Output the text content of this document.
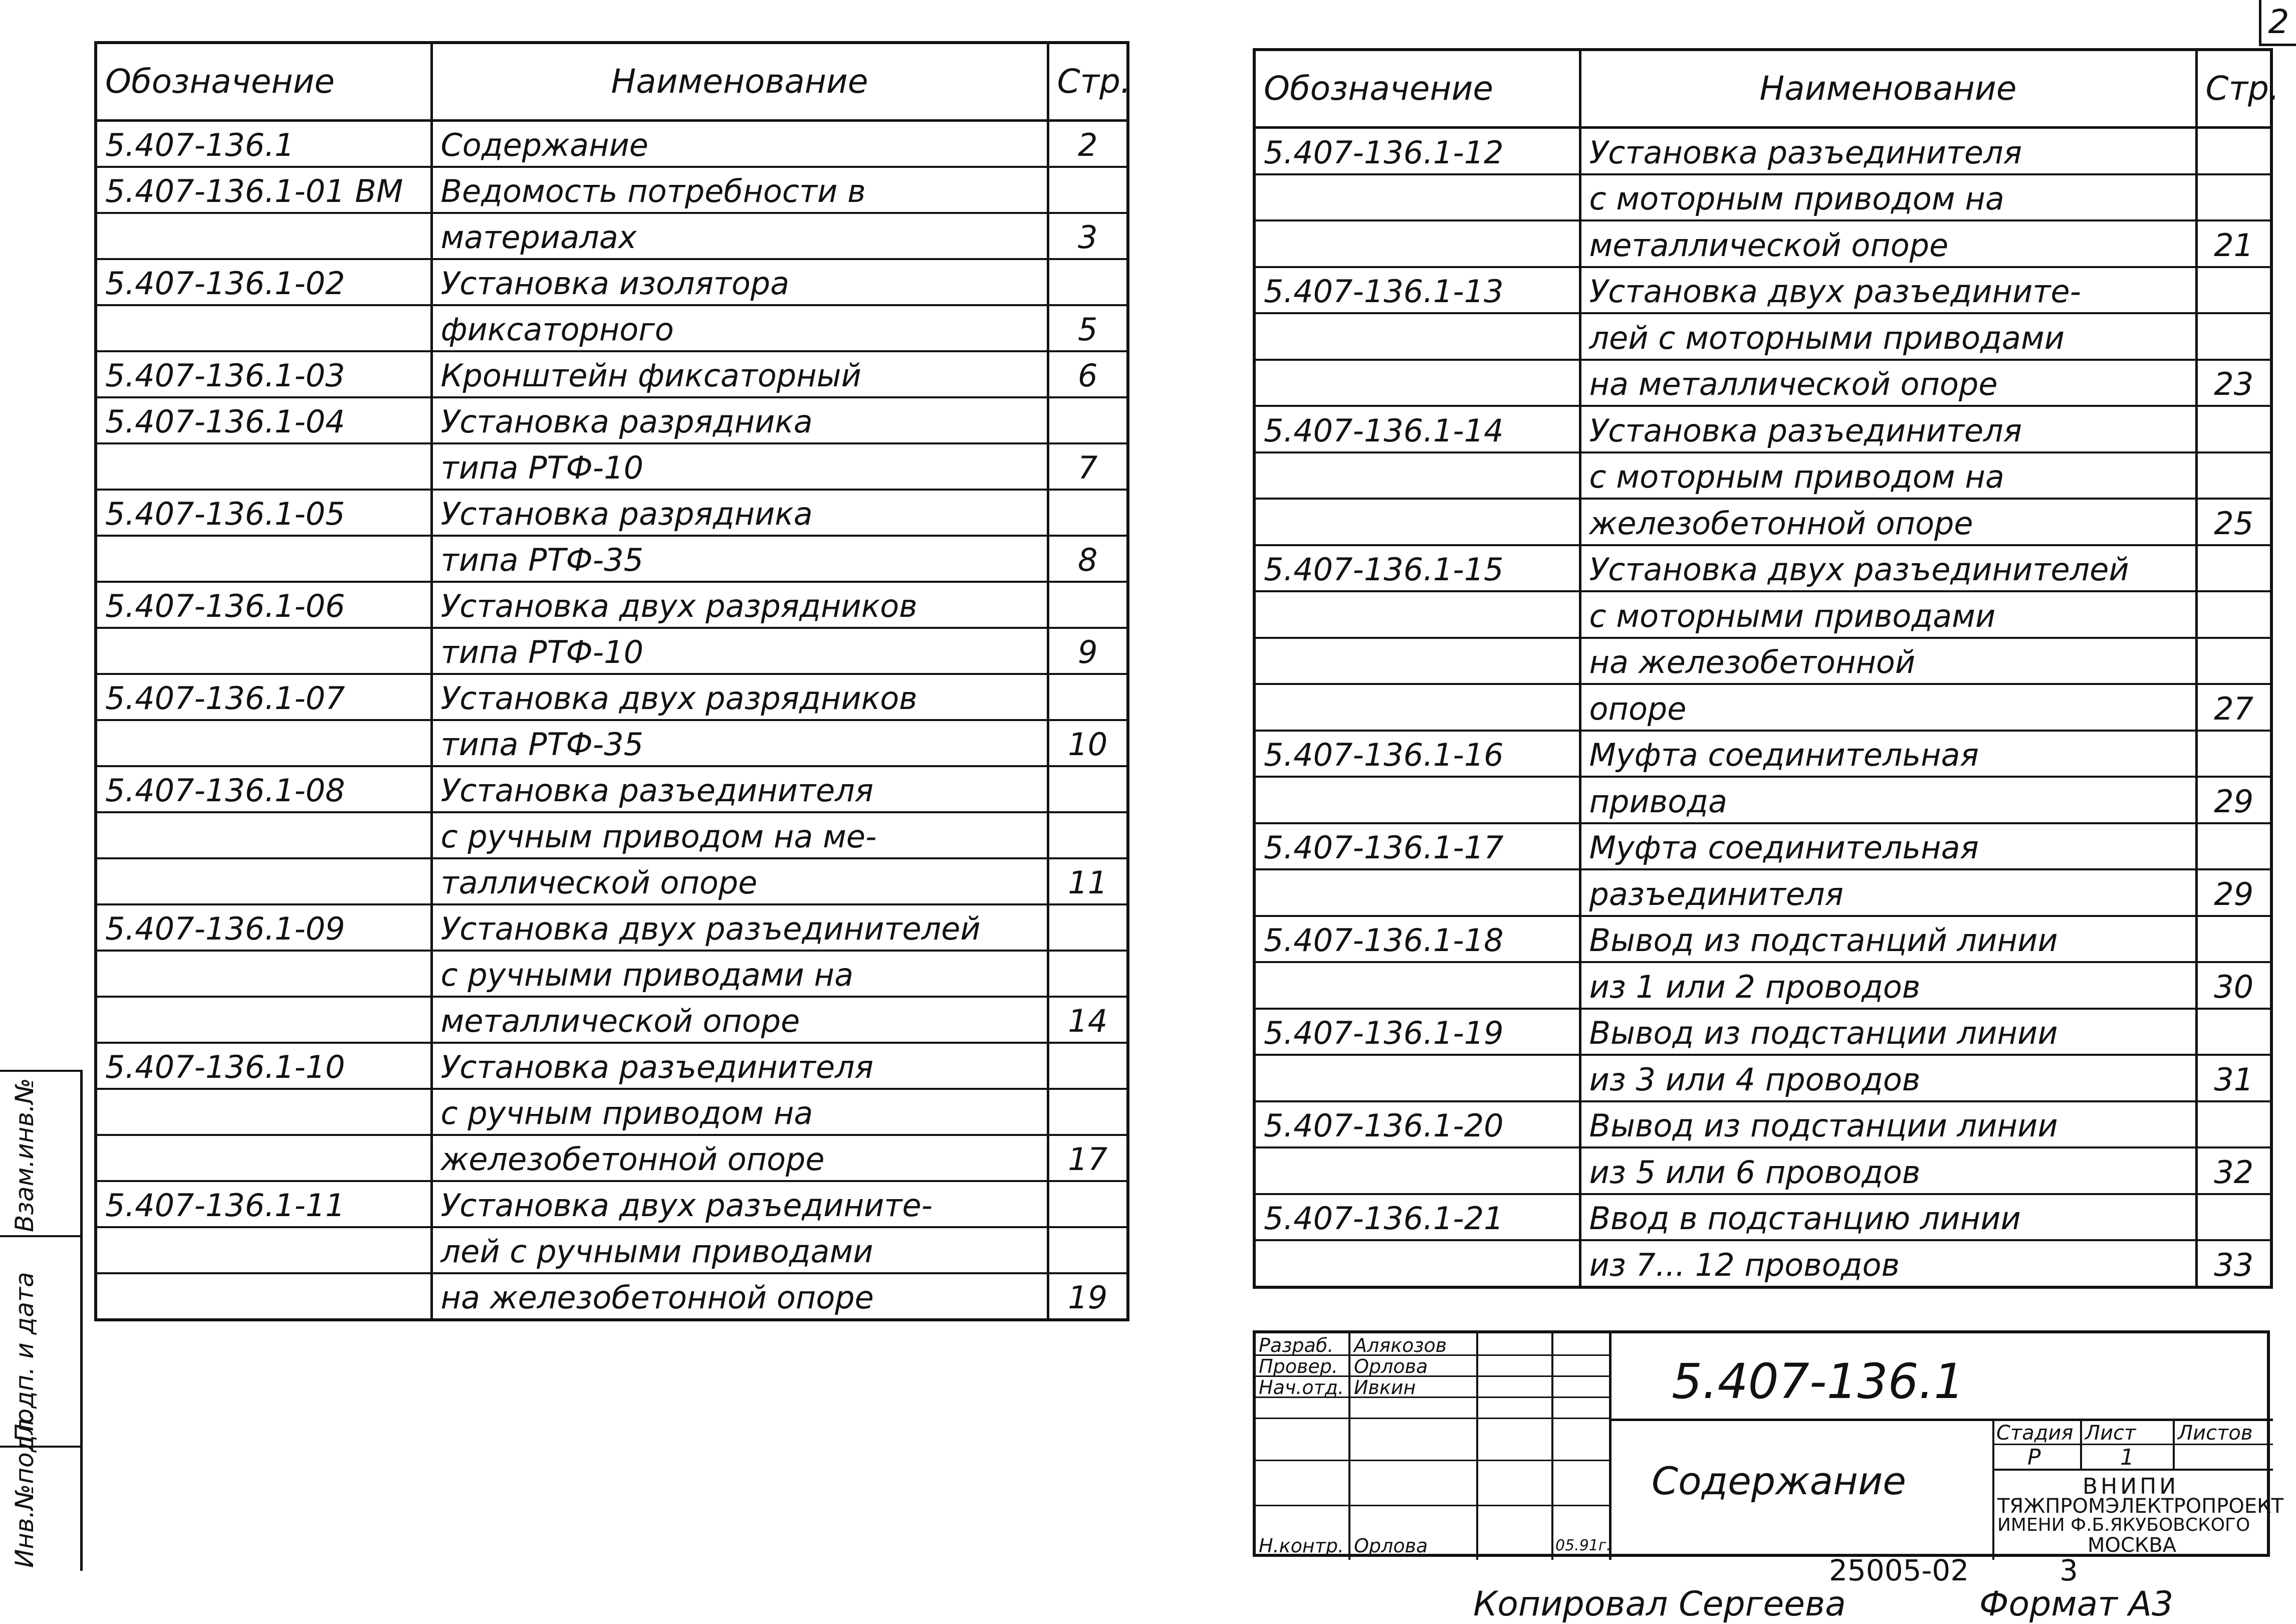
2
Обозначение	Наименование	Стр.
5.407-136.1	Содержание	2
5.407-136.1-01 ВМ	Ведомость потребности в	
	материалах	3
5.407-136.1-02	Установка изолятора	
	фиксаторного	5
5.407-136.1-03	Кронштейн фиксаторный	6
5.407-136.1-04	Установка разрядника	
	типа РТФ-10	7
5.407-136.1-05	Установка разрядника	
	типа РТФ-35	8
5.407-136.1-06	Установка двух разрядников	
	типа РТФ-10	9
5.407-136.1-07	Установка двух разрядников	
	типа РТФ-35	10
5.407-136.1-08	Установка разъединителя	
	с ручным приводом на ме-	
	таллической опоре	11
5.407-136.1-09	Установка двух разъединителей	
	с ручными приводами на	
	металлической опоре	14
5.407-136.1-10	Установка разъединителя	
	с ручным приводом на	
	железобетонной опоре	17
5.407-136.1-11	Установка двух разъедините-	
	лей с ручными приводами	
	на железобетонной опоре	19
Обозначение	Наименование	Стр.
5.407-136.1-12	Установка разъединителя	
	с моторным приводом на	
	металлической опоре	21
5.407-136.1-13	Установка двух разъедините-	
	лей с моторными приводами	
	на металлической опоре	23
5.407-136.1-14	Установка разъединителя	
	с моторным приводом на	
	железобетонной опоре	25
5.407-136.1-15	Установка двух разъединителей	
	с моторными приводами	
	на железобетонной	
	опоре	27
5.407-136.1-16	Муфта соединительная	
	привода	29
5.407-136.1-17	Муфта соединительная	
	разъединителя	29
5.407-136.1-18	Вывод из подстанций линии	
	из 1 или 2 проводов	30
5.407-136.1-19	Вывод из подстанции линии	
	из 3 или 4 проводов	31
5.407-136.1-20	Вывод из подстанции линии	
	из 5 или 6 проводов	32
5.407-136.1-21	Ввод в подстанцию линии	
	из 7... 12 проводов	33
Взам.инв.№
Подп. и дата
Инв.№подл.
Разраб. Алякозов
Провер. Орлова
Нач.отд. Ивкин
Н.контр. Орлова
5.407-136.1
Содержание
Стадия Лист Листов
Р	1
ВНИПИ
ТЯЖПРОМЭЛЕКТРОПРОЕКТ
ИМЕНИ Ф.Б.ЯКУБОВСКОГО
МОСКВА
05.91г.
25005-02	3
Копировал Сергеева	Формат А3
